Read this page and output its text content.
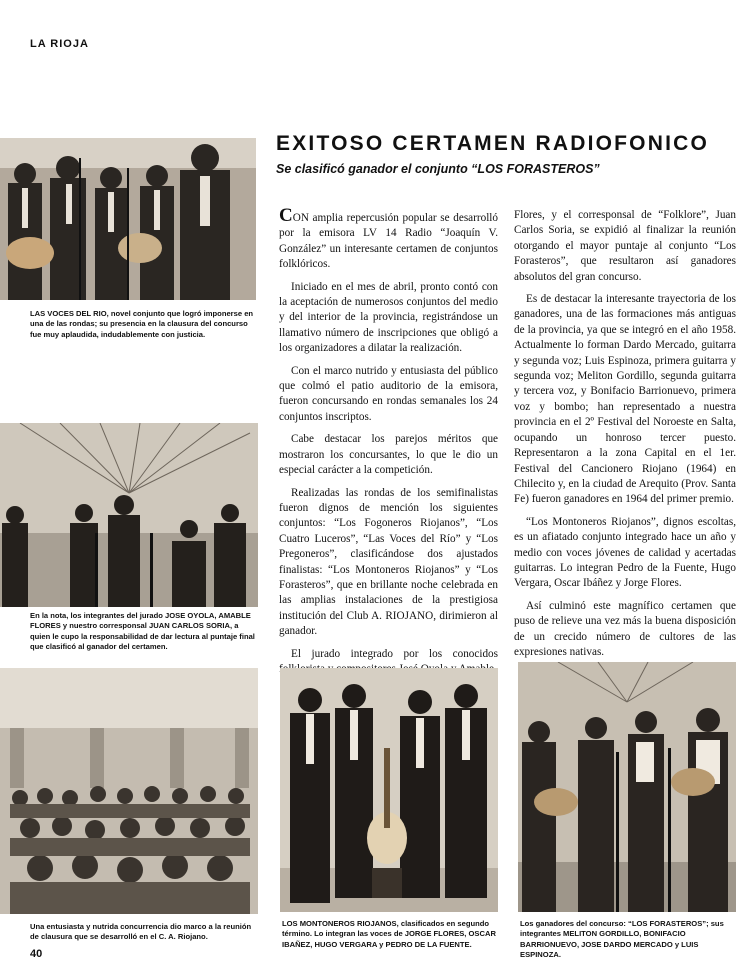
LA RIOJA
EXITOSO CERTAMEN RADIOFONICO
Se clasificó ganador el conjunto “LOS FORASTEROS”
LAS VOCES DEL RIO, novel conjunto que logró imponerse en una de las rondas; su presencia en la clausura del concurso fue muy aplaudida, indudablemente con justicia.
En la nota, los integrantes del jurado JOSE OYOLA, AMABLE FLORES y nuestro corresponsal JUAN CARLOS SORIA, a quien le cupo la responsabilidad de dar lectura al puntaje final que clasificó al ganador del certamen.
Una entusiasta y nutrida concurrencia dio marco a la reunión de clausura que se desarrolló en el C. A. Riojano.

CON amplia repercusión popular se desarrolló por la emisora LV 14 Radio “Joaquín V. González” un interesante certamen de conjuntos folklóricos.

Iniciado en el mes de abril, pronto contó con la aceptación de numerosos conjuntos del medio y del interior de la provincia, registrándose un llamativo número de inscripciones que obligó a los organizadores a dilatar la realización.

Con el marco nutrido y entusiasta del público que colmó el patio auditorio de la emisora, fueron concursando en rondas semanales los 24 conjuntos inscriptos.

Cabe destacar los parejos méritos que mostraron los concursantes, lo que le dio un especial carácter a la competición.

Realizadas las rondas de los semifinalistas fueron dignos de mención los siguientes conjuntos: “Los Fogoneros Riojanos”, “Los Cuatro Luceros”, “Las Voces del Río” y “Los Pregoneros”, clasificándose dos ajustados finalistas: “Los Montoneros Riojanos” y “Los Forasteros”, que en brillante noche celebrada en las amplias instalaciones de la prestigiosa institución del Club A. RIOJANO, dirimieron al ganador.

El jurado integrado por los conocidos

Flores, y el corresponsal de “Folklore”, Juan Carlos Soria, se expidió al finalizar la reunión otorgando el mayor puntaje al conjunto “Los Forasteros”, que resultaron así ganadores absolutos del gran concurso.

Es de destacar la interesante trayectoria de los ganadores, una de las formaciones más antiguas de la provincia, ya que se integró en el año 1958. Actualmente lo forman Dardo Mercado, guitarra y segunda voz; Luis Espinoza, primera guitarra y segunda voz; Meliton Gordillo, segunda guitarra y tercera voz, y Bonifacio Barrionuevo, primera voz y bombo; han representado a nuestra provincia en el 2º Festival del Noroeste en Salta, ocupando un honroso tercer puesto. Representaron a la zona Capital en el 1er. Festival del Cancionero Riojano (1964) en Chilecito y, en la ciudad de Arequito (Prov. Santa Fe) fueron ganadores en 1964 del primer premio.

“Los Montoneros Riojanos”, dignos escoltas, es un afiatado conjunto integrado hace un año y medio con voces jóvenes de calidad y acertadas guitarras. Lo integran Pedro de la Fuente, Hugo Vergara, Oscar Ibáñez y Jorge Flores.

Así culminó este magnífico certamen que puso de relieve una vez más la buena disposición de un crecido número de cultores de las expresiones nativas.

LOS MONTONEROS RIOJANOS, clasificados en segundo término. Lo integran las voces de JORGE FLORES, OSCAR IBAÑEZ, HUGO VERGARA y PEDRO DE LA FUENTE.
Los ganadores del concurso: “LOS FORASTEROS”; sus integrantes MELITON GORDILLO, BONIFACIO BARRIONUEVO, JOSE DARDO MERCADO y LUIS ESPINOZA.
40
